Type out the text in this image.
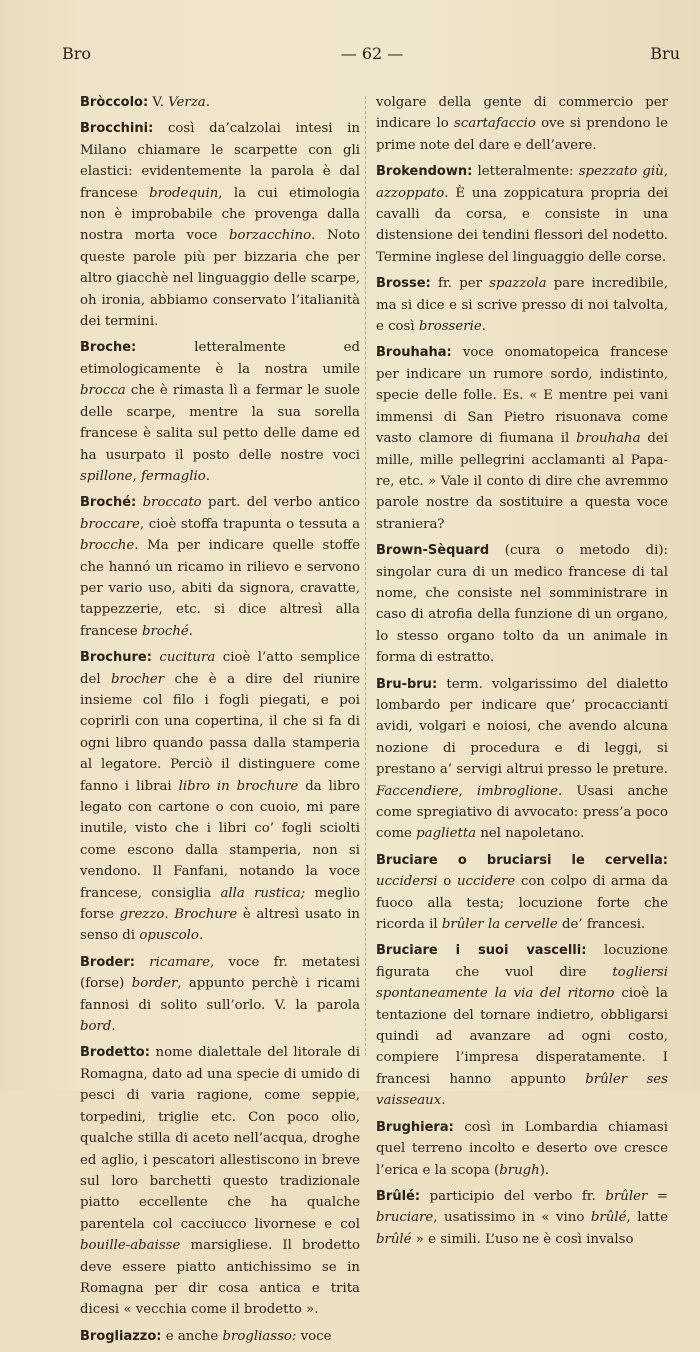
Bro	— 62 —	Bru

Bròccolo: V. Verza.

Brocchini: così da’calzolai intesi in Milano chiamare le scarpette con gli elastici: evidentemente la parola è dal francese brodequin, la cui etimologia non è improbabile che provenga dalla nostra morta voce borzacchino. Noto queste parole più per bizzaria che per altro giacchè nel linguaggio delle scarpe, oh ironia, abbiamo conservato l’italianità dei termini.

Broche:	letteralmente ed etimologicamente è la nostra umile brocca che è rimasta lì a fermar le suole delle scarpe, mentre la sua sorella francese è salita sul petto delle dame ed ha usurpato il posto delle nostre voci spillone, fermaglio.

Broché: broccato part. del verbo antico broccare, cioè stoffa trapunta o tessuta a brocche. Ma per indicare quelle stoffe che hannó un ricamo in rilievo e servono per vario uso, abiti da signora, cravatte, tappezzerie, etc. si dice altresì alla francese broché.

Brochure: cucitura cioè l’atto semplice del brocher che è a dire del riunire insieme col filo i fogli piegati, e poi coprirli con una copertina, il che si fa di ogni libro quando passa dalla stamperia al legatore. Perciò il distinguere come fanno i librai libro in brochure da libro legato con cartone o con cuoio, mi pare inutile, visto che i libri co’ fogli sciolti come escono dalla stamperia, non si vendono. Il Fanfani, notando la voce francese, consiglia alla rustica; meglio forse grezzo. Brochure è altresì usato in senso di opuscolo.

Broder: ricamare, voce fr. metatesi (forse) border, appunto perchè i ricami fannosi di solito sull’orlo. V. la parola bord.

Brodetto: nome dialettale del litorale di Romagna, dato ad una specie di umido di pesci di varia ragione, come seppie, torpedini, triglie etc. Con poco olio, qualche stilla di aceto nell’acqua, droghe ed aglio, i pescatori allestiscono in breve sul loro barchetti questo tradizionale piatto eccellente che ha qualche parentela col cacciucco livornese e col bouille-abaisse marsigliese. Il brodetto deve essere piatto antichissimo se in Romagna per dir cosa antica e trita dicesi « vecchia come il brodetto ».

Brogliazzo: e anche brogliasso: voce

volgare della gente di commercio per indicare lo scartafaccio ove si prendono le prime note del dare e dell’avere.

Brokendown: letteralmente: spezzato giù, azzoppato. È una zoppicatura propria dei cavalli da corsa, e consiste in una distensione dei tendini flessori del nodetto. Termine inglese del linguaggio delle corse.

Brosse: fr. per spazzola pare incredibile, ma si dice e si scrive presso di noi talvolta, e così brosserie.

Brouhaha: voce onomatopeica francese per indicare un rumore sordo, indistinto, specie delle folle. Es. « E mentre pei vani immensi di San Pietro risuonava come vasto clamore di fiumana il brouhaha dei mille, mille pellegrini acclamanti al Papa-re, etc. » Vale il conto di dire che avremmo parole nostre da sostituire a questa voce straniera?

Brown-Sèquard (cura o metodo di): singolar cura di un medico francese di tal nome, che consiste nel somministrare in caso di atrofia della funzione di un organo, lo stesso organo tolto da un animale in forma di estratto.

Bru-bru: term. volgarissimo del dialetto lombardo per indicare que’ procaccianti avidi, volgari e noiosi, che avendo alcuna nozione di procedura e di leggi, si prestano a’ servigi altrui presso le preture. Faccendiere, imbroglione. Usasi anche come spregiativo di avvocato: press’a poco come paglietta nel napoletano.

Bruciare o bruciarsi le cervella: uccidersi o uccidere con colpo di arma da fuoco alla testa; locuzione forte che ricorda il brûler la cervelle de’ francesi.

Bruciare i suoi vascelli: locuzione figurata che vuol dire togliersi spontaneamente la via del ritorno cioè la tentazione del tornare indietro, obbligarsi quindi ad avanzare ad ogni costo, compiere l’impresa disperatamente. I francesi hanno appunto brûler ses vaisseaux.

Brughiera: così in Lombardia chiamasi quel terreno incolto e deserto ove cresce l’erica e la scopa (brugh).

Brûlé: participio del verbo fr. brûler = bruciare, usatissimo in « vino brûlé, latte brûlé » e simili. L’uso ne è così invalso
